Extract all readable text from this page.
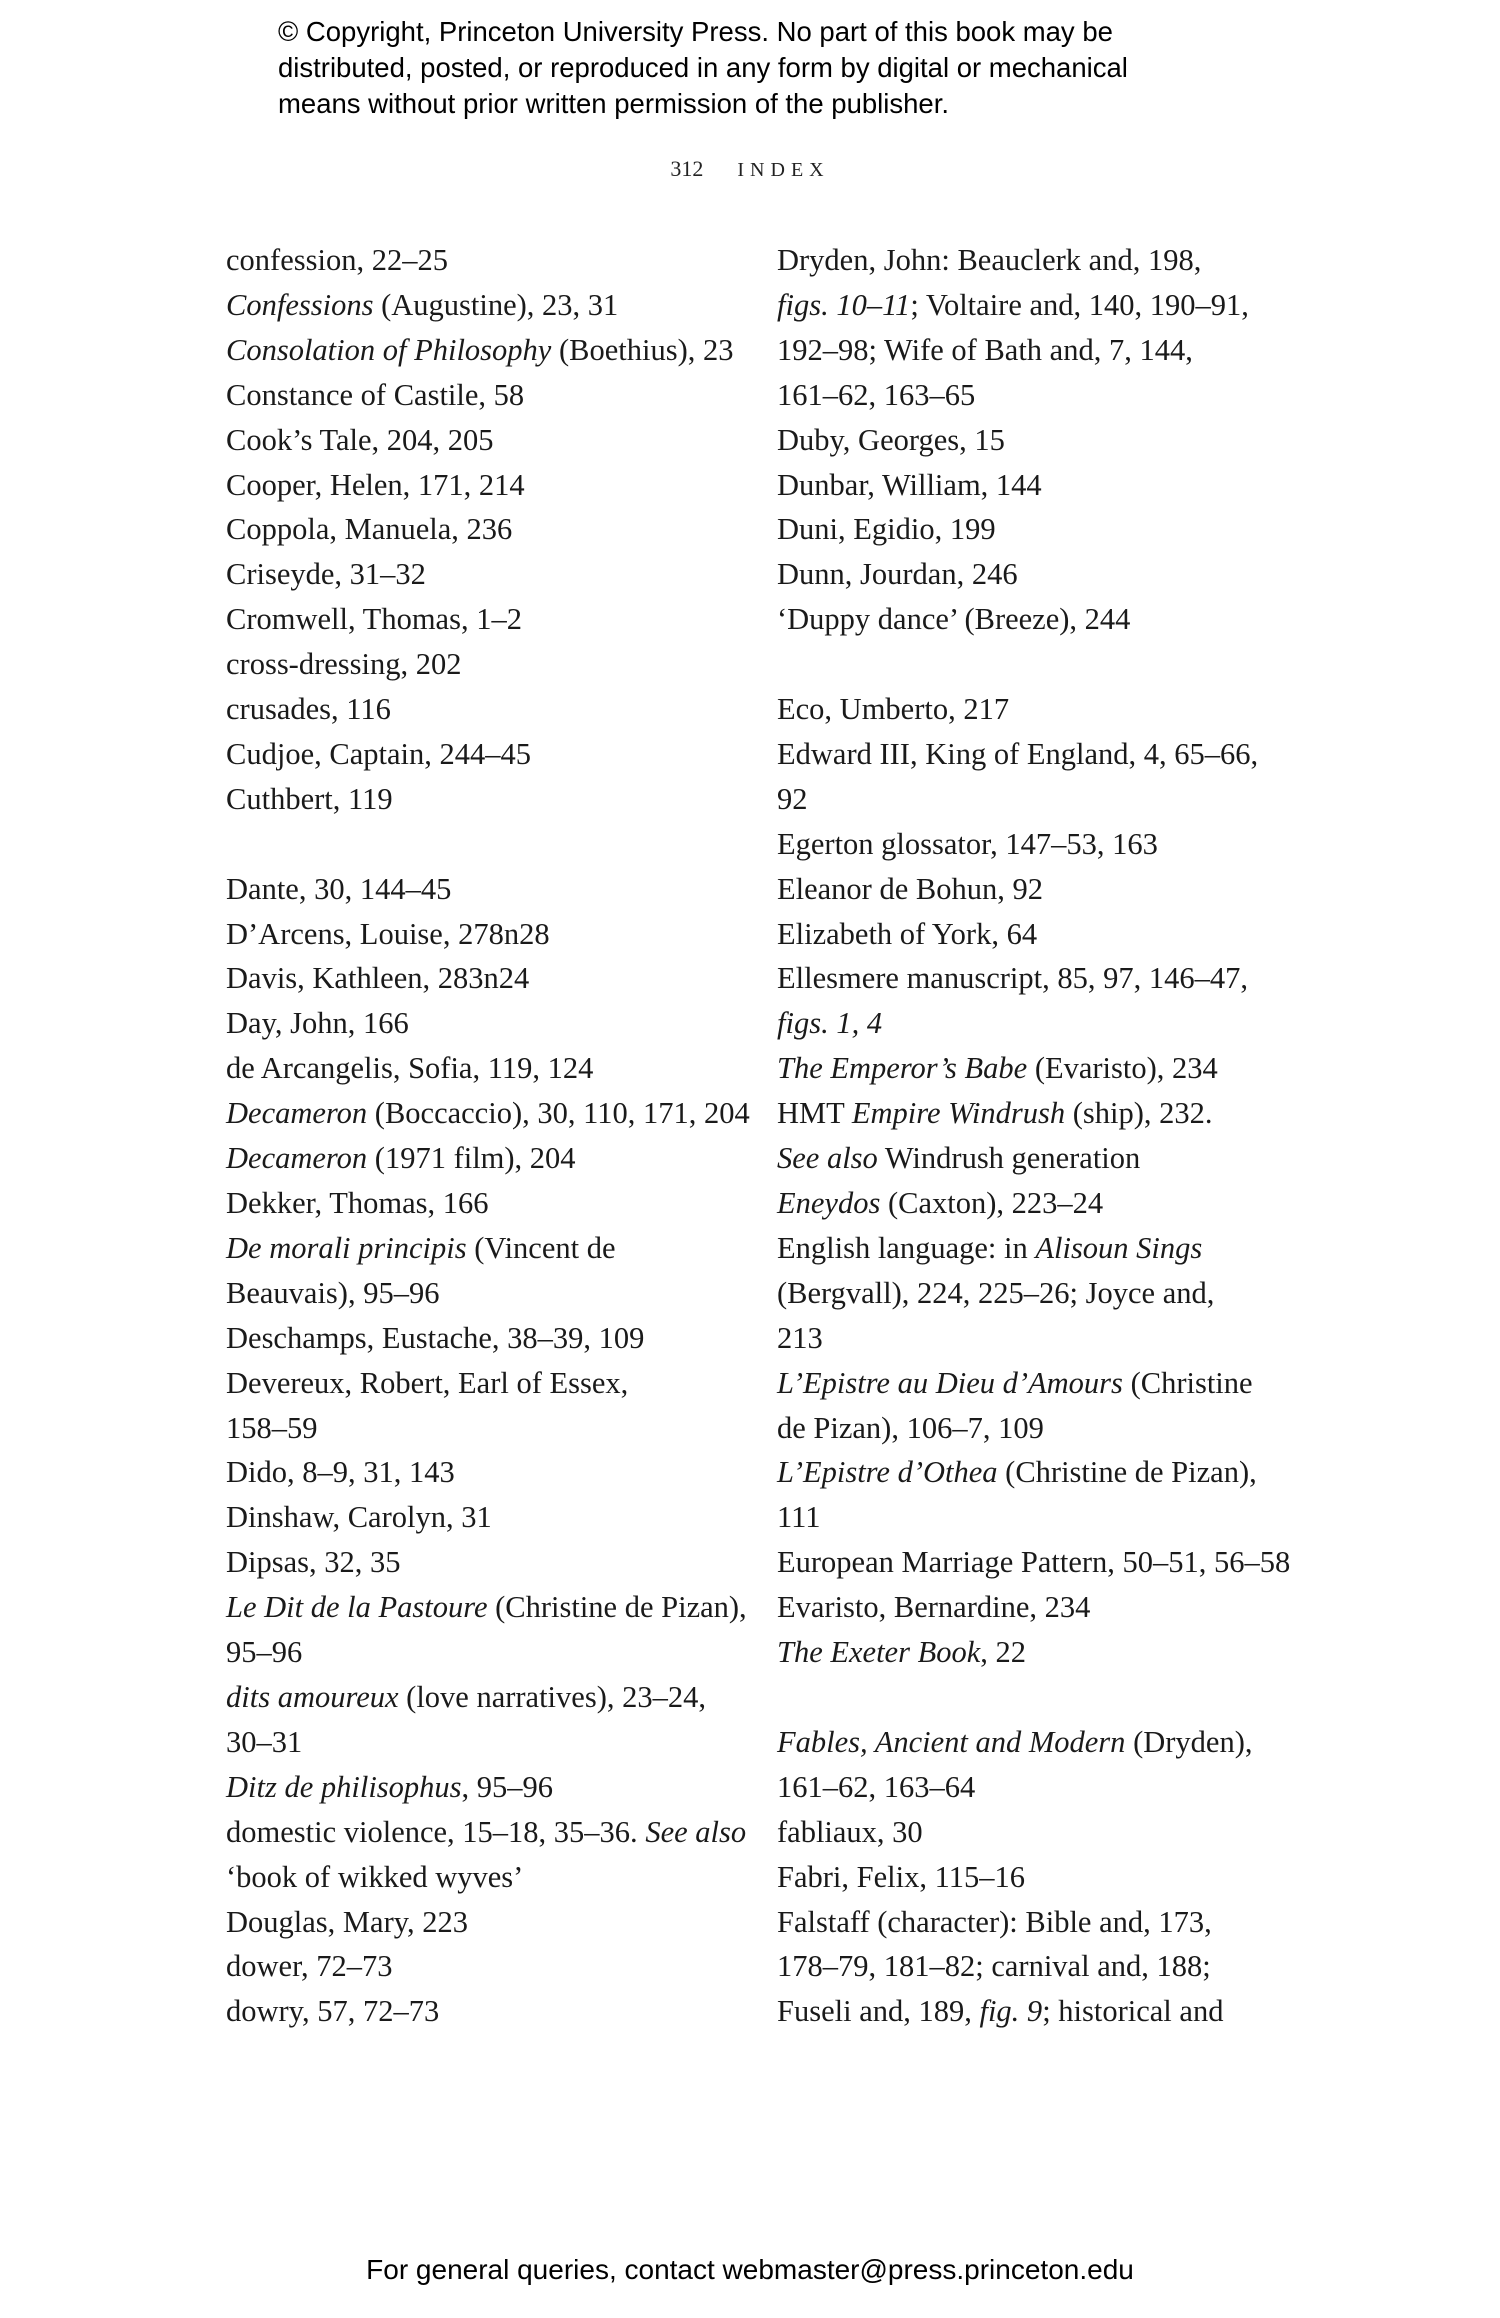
© Copyright, Princeton University Press. No part of this book may be
distributed, posted, or reproduced in any form by digital or mechanical
means without prior written permission of the publisher.
312 INDEX
confession, 22–25
Confessions (Augustine), 23, 31
Consolation of Philosophy (Boethius), 23
Constance of Castile, 58
Cook’s Tale, 204, 205
Cooper, Helen, 171, 214
Coppola, Manuela, 236
Criseyde, 31–32
Cromwell, Thomas, 1–2
cross-dressing, 202
crusades, 116
Cudjoe, Captain, 244–45
Cuthbert, 119
Dante, 30, 144–45
D’Arcens, Louise, 278n28
Davis, Kathleen, 283n24
Day, John, 166
de Arcangelis, Sofia, 119, 124
Decameron (Boccaccio), 30, 110, 171, 204
Decameron (1971 film), 204
Dekker, Thomas, 166
De morali principis (Vincent de
Beauvais), 95–96
Deschamps, Eustache, 38–39, 109
Devereux, Robert, Earl of Essex,
158–59
Dido, 8–9, 31, 143
Dinshaw, Carolyn, 31
Dipsas, 32, 35
Le Dit de la Pastoure (Christine de Pizan),
95–96
dits amoureux (love narratives), 23–24,
30–31
Ditz de philisophus, 95–96
domestic violence, 15–18, 35–36. See also
‘book of wikked wyves’
Douglas, Mary, 223
dower, 72–73
dowry, 57, 72–73
Dryden, John: Beauclerk and, 198,
figs. 10–11; Voltaire and, 140, 190–91,
192–98; Wife of Bath and, 7, 144,
161–62, 163–65
Duby, Georges, 15
Dunbar, William, 144
Duni, Egidio, 199
Dunn, Jourdan, 246
‘Duppy dance’ (Breeze), 244
Eco, Umberto, 217
Edward III, King of England, 4, 65–66,
92
Egerton glossator, 147–53, 163
Eleanor de Bohun, 92
Elizabeth of York, 64
Ellesmere manuscript, 85, 97, 146–47,
figs. 1, 4
The Emperor’s Babe (Evaristo), 234
HMT Empire Windrush (ship), 232.
See also Windrush generation
Eneydos (Caxton), 223–24
English language: in Alisoun Sings
(Bergvall), 224, 225–26; Joyce and,
213
L’Epistre au Dieu d’Amours (Christine
de Pizan), 106–7, 109
L’Epistre d’Othea (Christine de Pizan),
111
European Marriage Pattern, 50–51, 56–58
Evaristo, Bernardine, 234
The Exeter Book, 22
Fables, Ancient and Modern (Dryden),
161–62, 163–64
fabliaux, 30
Fabri, Felix, 115–16
Falstaff (character): Bible and, 173,
178–79, 181–82; carnival and, 188;
Fuseli and, 189, fig. 9; historical and
For general queries, contact webmaster@press.princeton.edu
